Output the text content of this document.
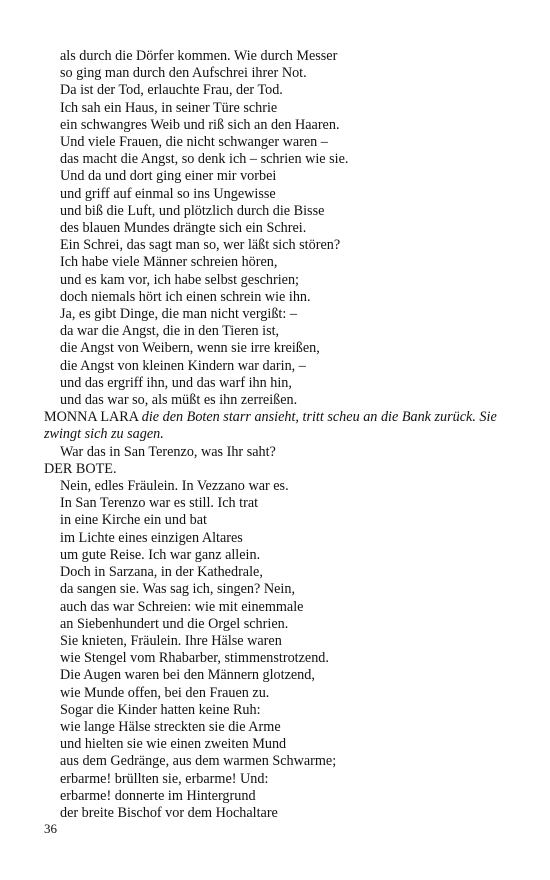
als durch die Dörfer kommen. Wie durch Messer
so ging man durch den Aufschrei ihrer Not.
Da ist der Tod, erlauchte Frau, der Tod.
Ich sah ein Haus, in seiner Türe schrie
ein schwangres Weib und riß sich an den Haaren.
Und viele Frauen, die nicht schwanger waren –
das macht die Angst, so denk ich – schrien wie sie.
Und da und dort ging einer mir vorbei
und griff auf einmal so ins Ungewisse
und biß die Luft, und plötzlich durch die Bisse
des blauen Mundes drängte sich ein Schrei.
Ein Schrei, das sagt man so, wer läßt sich stören?
Ich habe viele Männer schreien hören,
und es kam vor, ich habe selbst geschrien;
doch niemals hört ich einen schrein wie ihn.
Ja, es gibt Dinge, die man nicht vergißt: –
da war die Angst, die in den Tieren ist,
die Angst von Weibern, wenn sie irre kreißen,
die Angst von kleinen Kindern war darin, –
und das ergriff ihn, und das warf ihn hin,
und das war so, als müßt es ihn zerreißen.
MONNA LARA die den Boten starr ansieht, tritt scheu an die Bank zurück. Sie zwingt sich zu sagen.
War das in San Terenzo, was Ihr saht?
DER BOTE.
Nein, edles Fräulein. In Vezzano war es.
In San Terenzo war es still. Ich trat
in eine Kirche ein und bat
im Lichte eines einzigen Altares
um gute Reise. Ich war ganz allein.
Doch in Sarzana, in der Kathedrale,
da sangen sie. Was sag ich, singen? Nein,
auch das war Schreien: wie mit einemmale
an Siebenhundert und die Orgel schrien.
Sie knieten, Fräulein. Ihre Hälse waren
wie Stengel vom Rhabarber, stimmenstrotzend.
Die Augen waren bei den Männern glotzend,
wie Munde offen, bei den Frauen zu.
Sogar die Kinder hatten keine Ruh:
wie lange Hälse streckten sie die Arme
und hielten sie wie einen zweiten Mund
aus dem Gedränge, aus dem warmen Schwarme;
erbarme! brüllten sie, erbarme! Und:
erbarme! donnerte im Hintergrund
der breite Bischof vor dem Hochaltare
36
